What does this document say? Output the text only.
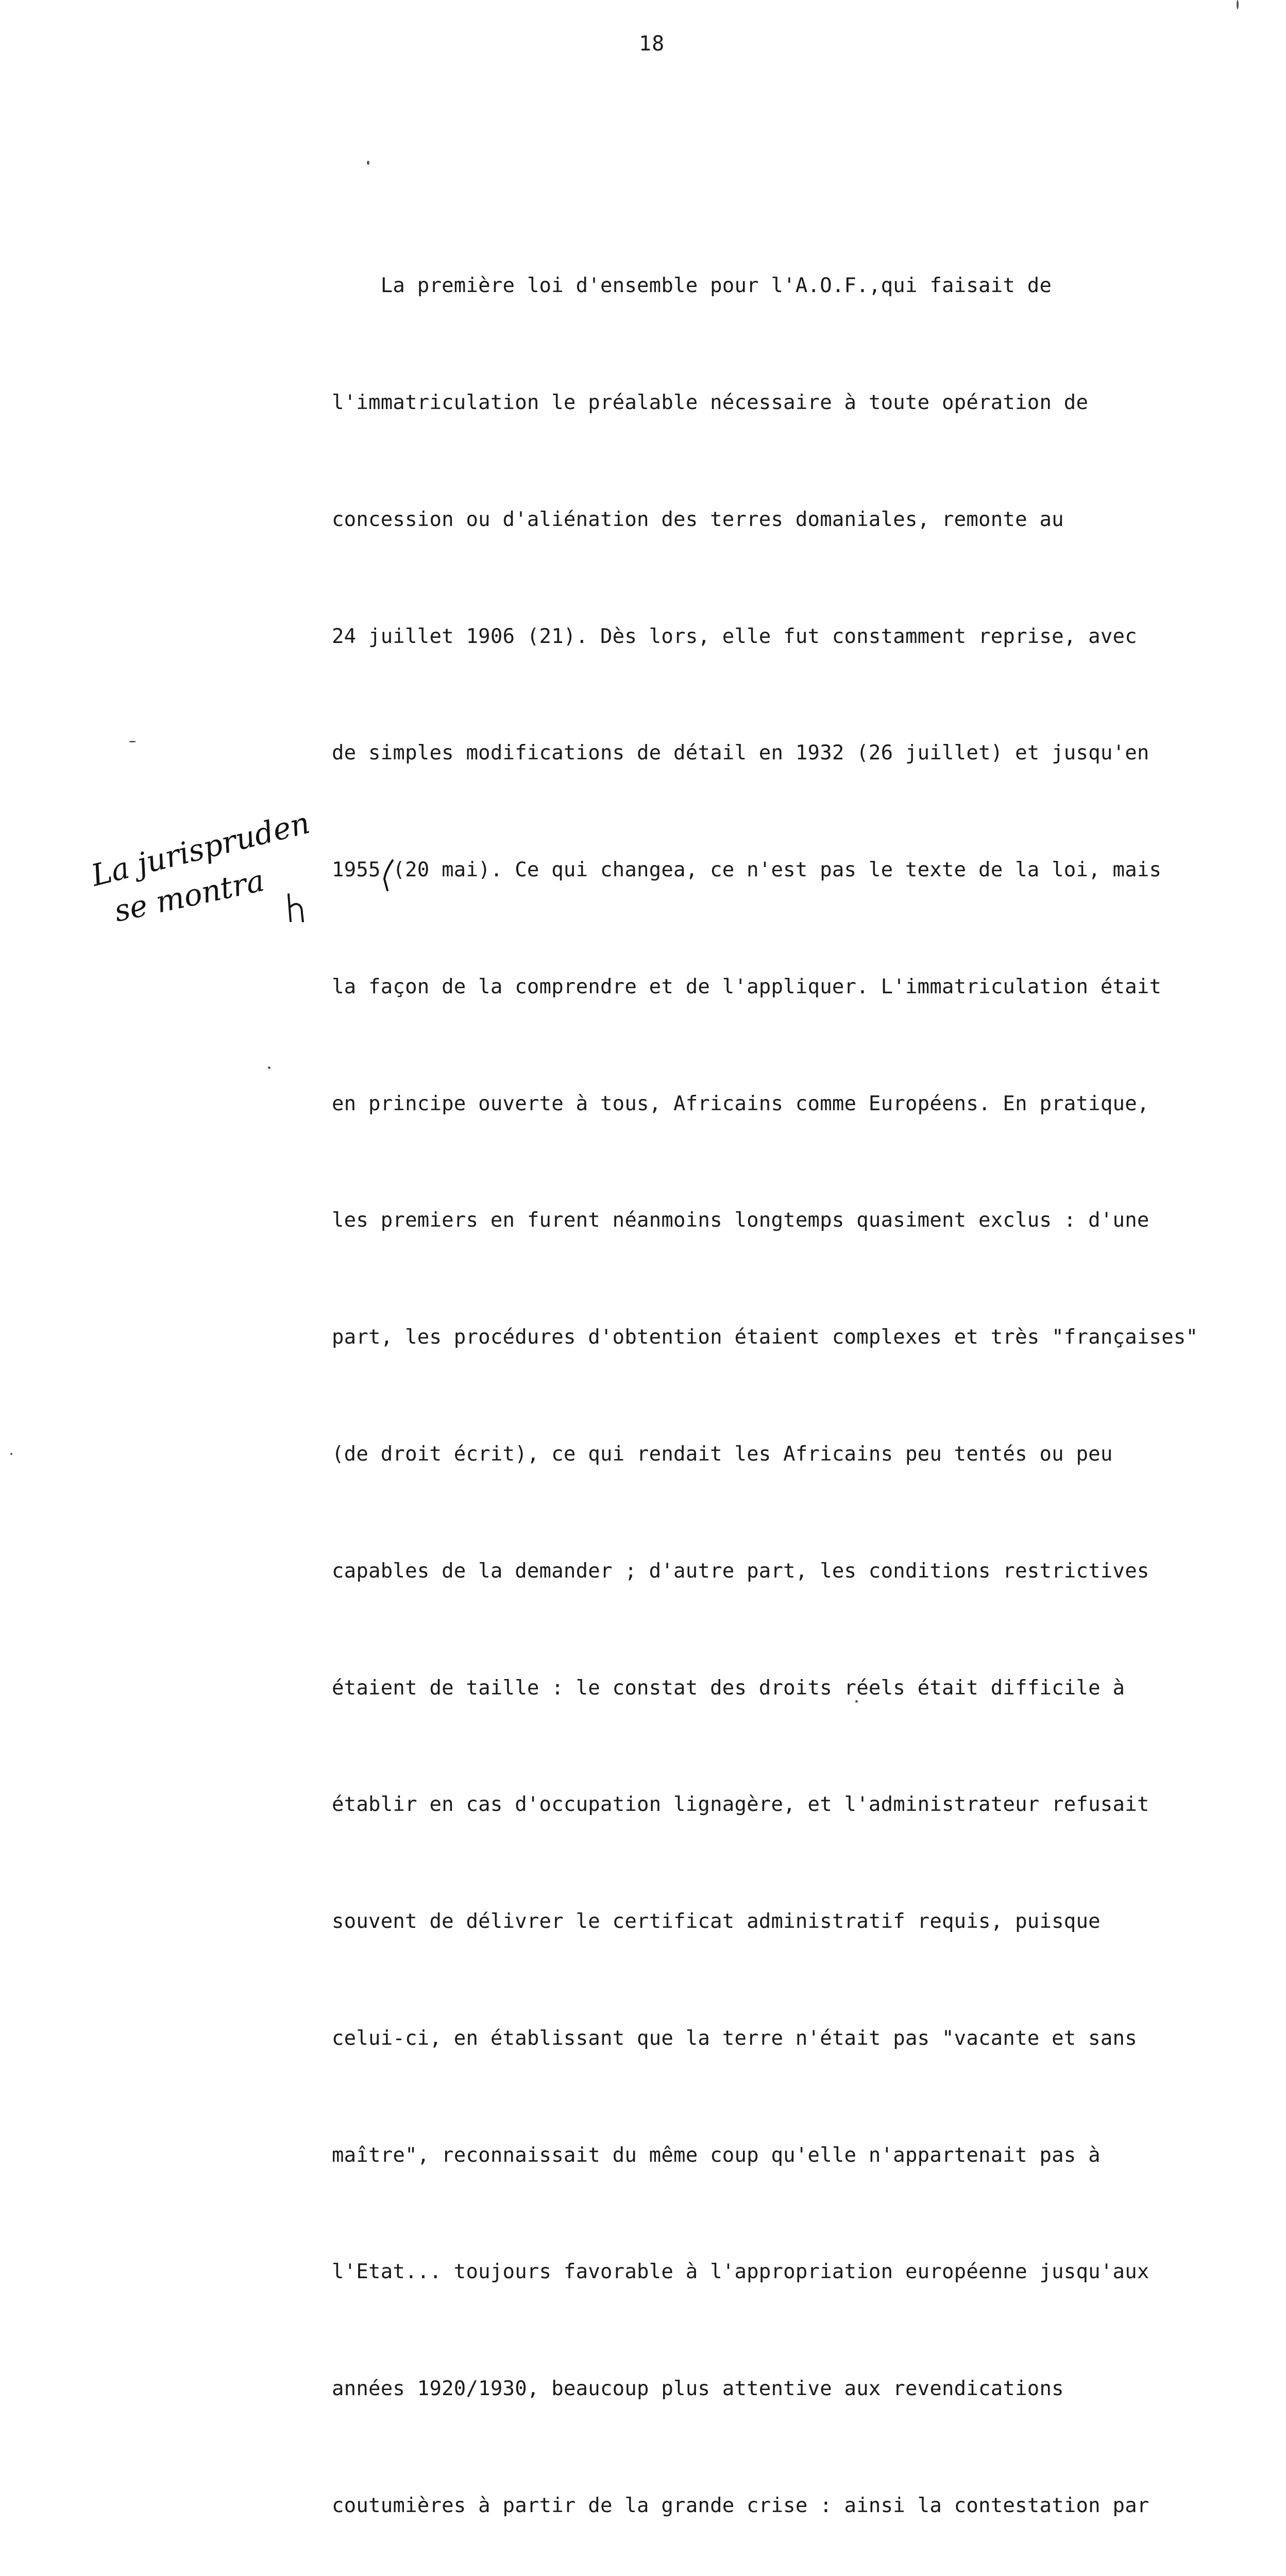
18

La première loi d'ensemble pour l'A.O.F.,qui faisait de

l'immatriculation le préalable nécessaire à toute opération de

concession ou d'aliénation des terres domaniales, remonte au

24 juillet 1906 (21). Dès lors, elle fut constamment reprise, avec

de simples modifications de détail en 1932 (26 juillet) et jusqu'en

1955 (20 mai). Ce qui changea, ce n'est pas le texte de la loi, mais

la façon de la comprendre et de l'appliquer. L'immatriculation était

en principe ouverte à tous, Africains comme Européens. En pratique,

les premiers en furent néanmoins longtemps quasiment exclus : d'une

part, les procédures d'obtention étaient complexes et très "françaises"

(de droit écrit), ce qui rendait les Africains peu tentés ou peu

capables de la demander ; d'autre part, les conditions restrictives

étaient de taille : le constat des droits réels était difficile à

établir en cas d'occupation lignagère, et l'administrateur refusait

souvent de délivrer le certificat administratif requis, puisque

celui-ci, en établissant que la terre n'était pas "vacante et sans

maître", reconnaissait du même coup qu'elle n'appartenait pas à

l'Etat... toujours favorable à l'appropriation européenne jusqu'aux

années 1920/1930, beaucoup plus attentive aux revendications

coutumières à partir de la grande crise : ainsi la contestation par

La jurisprudence
se montra
